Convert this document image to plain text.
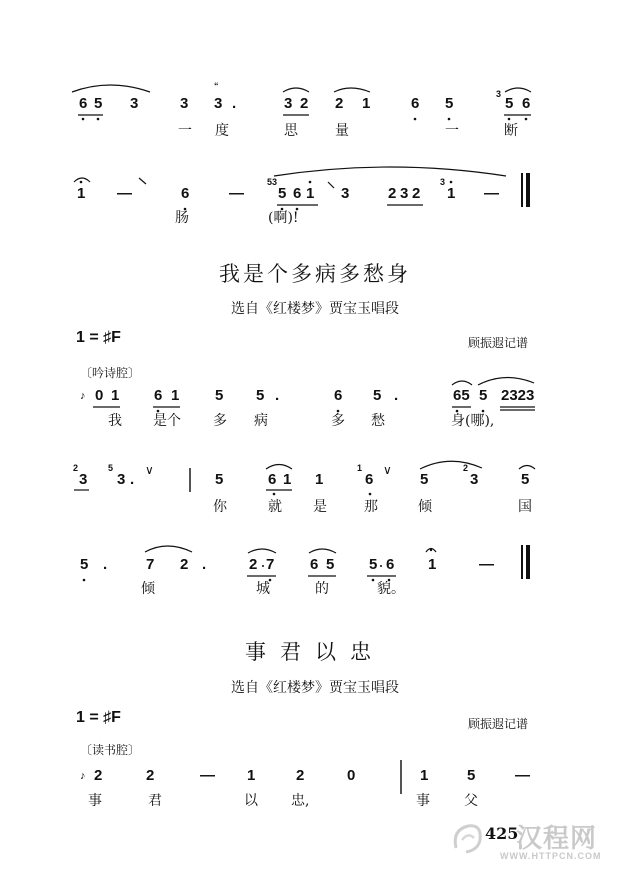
6 5 3	3 3 .	3 2 2 1	6 5	5 6
“
3
一 度	思	量	一	断
1 —	6	— 5 6 1 3	2 3 2 1 —
53	3
肠	(啊)!
我是个多病多愁身
选自《红楼梦》贾宝玉唱段
1 = ♯F	顾振遐记谱
〔吟诗腔〕
♪ 0 1 6 1 5 5 .	6 5 .	65 5 2323
我 是个 多 病	多 愁	身(哪),
3 3 .	5	6 1 1	6	5	3	5
2	5	1	2
∨	∨
你	就 是	那	倾	国
5 .	7 2 .	2 7 6 5 5 6 1	—
倾	城	的	貌。
事君以忠
选自《红楼梦》贾宝玉唱段
1 = ♯F	顾振遐记谱
〔读书腔〕
♪ 2	2	— 1	2	0	1	5	—
事	君	以 忠,	事 父
425
汉程网
WWW.HTTPCN.COM
